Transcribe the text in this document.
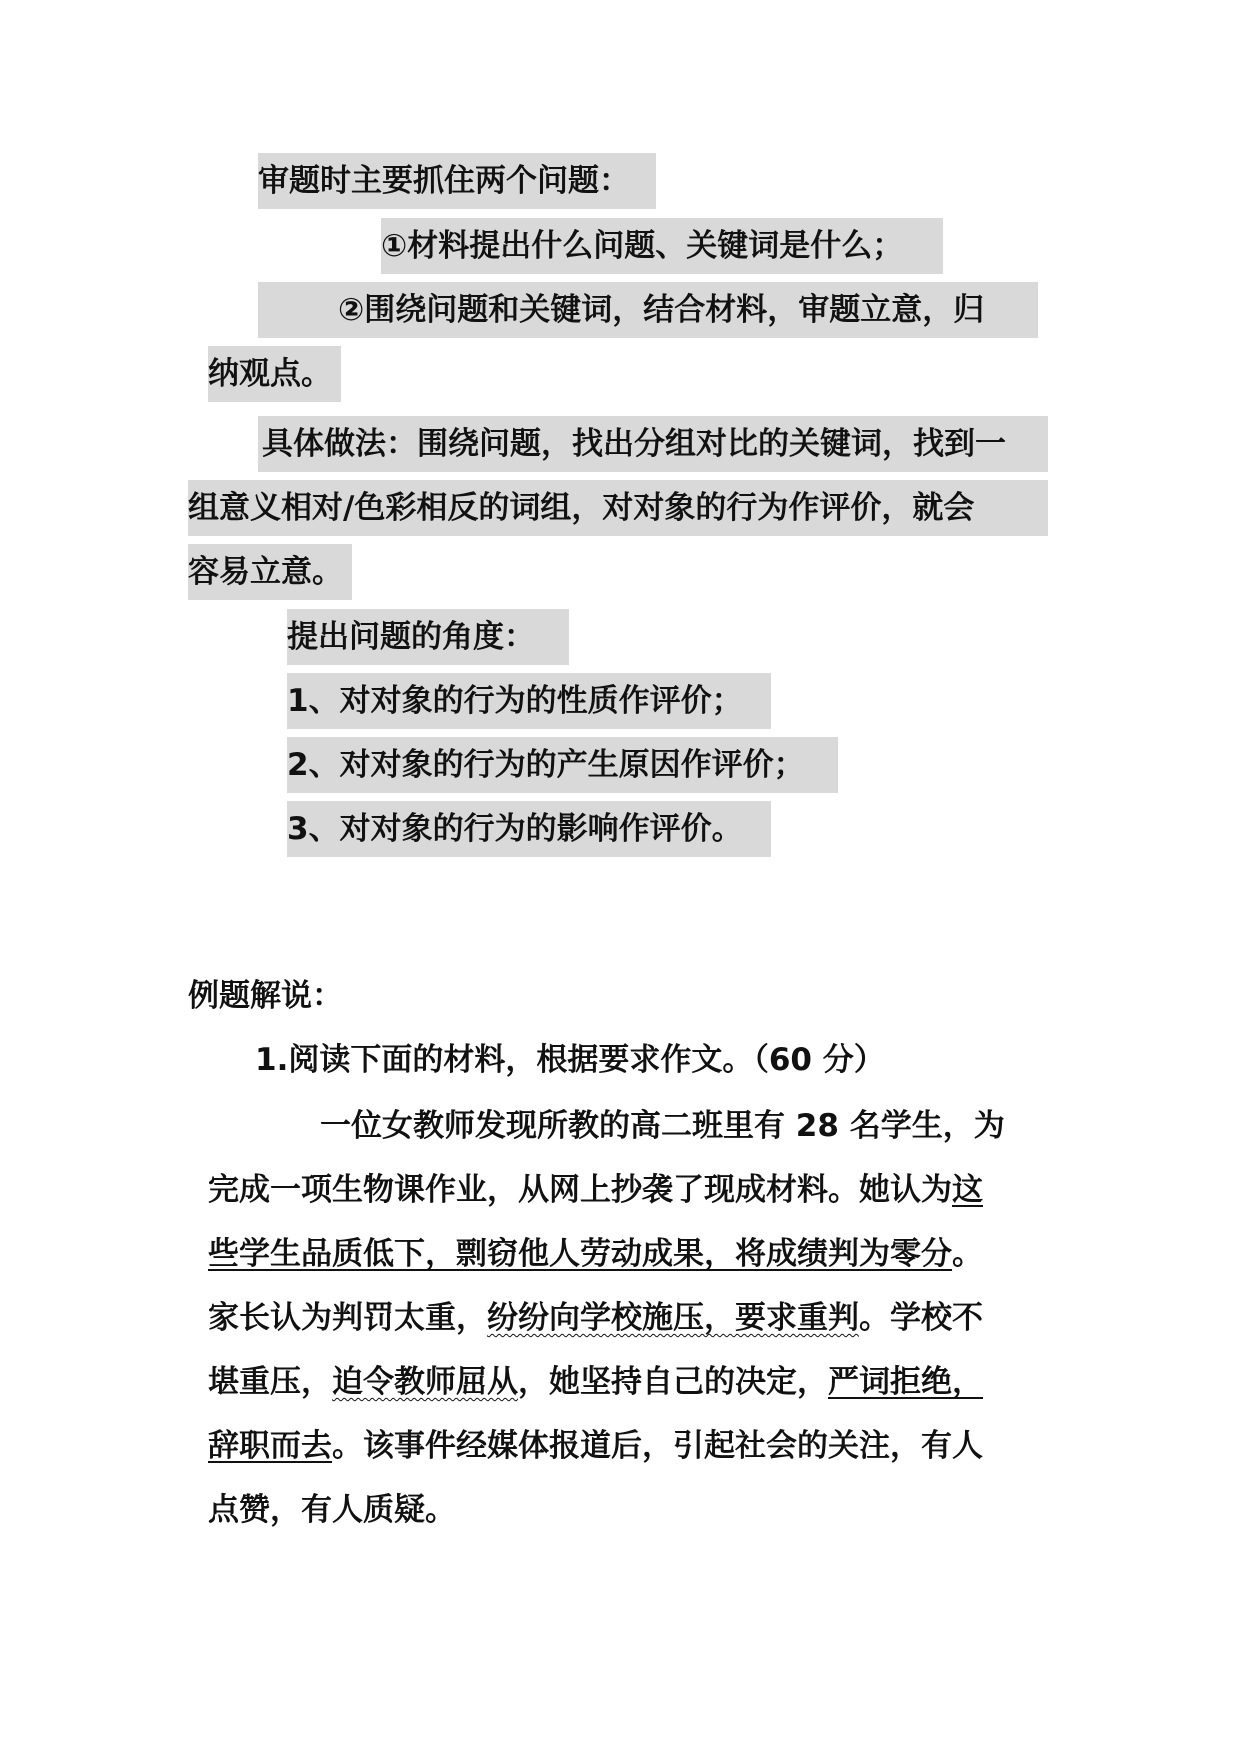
审题时主要抓住两个问题：
①材料提出什么问题、关键词是什么；
②围绕问题和关键词，结合材料，审题立意，归
纳观点。
具体做法：围绕问题，找出分组对比的关键词，找到一
组意义相对/色彩相反的词组，对对象的行为作评价，就会
容易立意。
提出问题的角度：
1、对对象的行为的性质作评价；
2、对对象的行为的产生原因作评价；
3、对对象的行为的影响作评价。
例题解说：
1.阅读下面的材料，根据要求作文。（60 分）
一位女教师发现所教的高二班里有 28 名学生，为
完成一项生物课作业，从网上抄袭了现成材料。她认为这
些学生品质低下，剽窃他人劳动成果，将成绩判为零分。
家长认为判罚太重，纷纷向学校施压，要求重判。学校不
堪重压，迫令教师屈从，她坚持自己的决定，严词拒绝，
辞职而去。该事件经媒体报道后，引起社会的关注，有人
点赞，有人质疑。
